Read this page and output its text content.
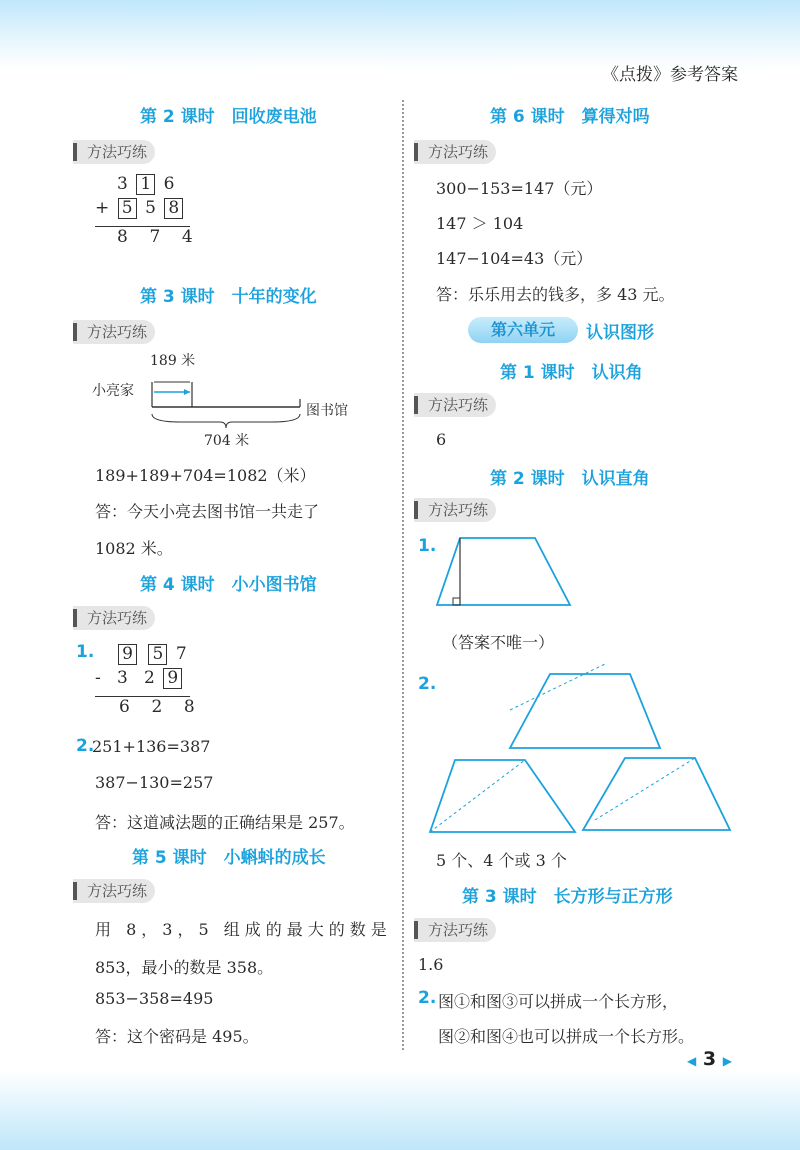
《点拨》参考答案
第 2 课时　回收废电池
方法巧练
3 1 6
+ 5 5 8
8 7 4
第 3 课时　十年的变化
方法巧练
189 米
小亮家
图书馆
704 米
189+189+704=1082（米）
答：今天小亮去图书馆一共走了
1082 米。
第 4 课时　小小图书馆
方法巧练
1.	9 5 7
- 3 2 9
6 2 8
2.
251+136=387
387−130=257
答：这道减法题的正确结果是 257。
第 5 课时　小蝌蚪的成长
方法巧练
用 8，3，5 组成的最大的数是
853，最小的数是 358。
853−358=495
答：这个密码是 495。
第 6 课时　算得对吗
方法巧练
300−153=147（元）
147 ＞ 104
147−104=43（元）
答：乐乐用去的钱多，多 43 元。
第六单元	认识图形
第 1 课时　认识角
方法巧练
6
第 2 课时　认识直角
方法巧练
1.
（答案不唯一）
2.
5 个、4 个或 3 个
第 3 课时　长方形与正方形
方法巧练
1.6
2. 图①和图③可以拼成一个长方形，
图②和图④也可以拼成一个长方形。
◀ 3 ▶
